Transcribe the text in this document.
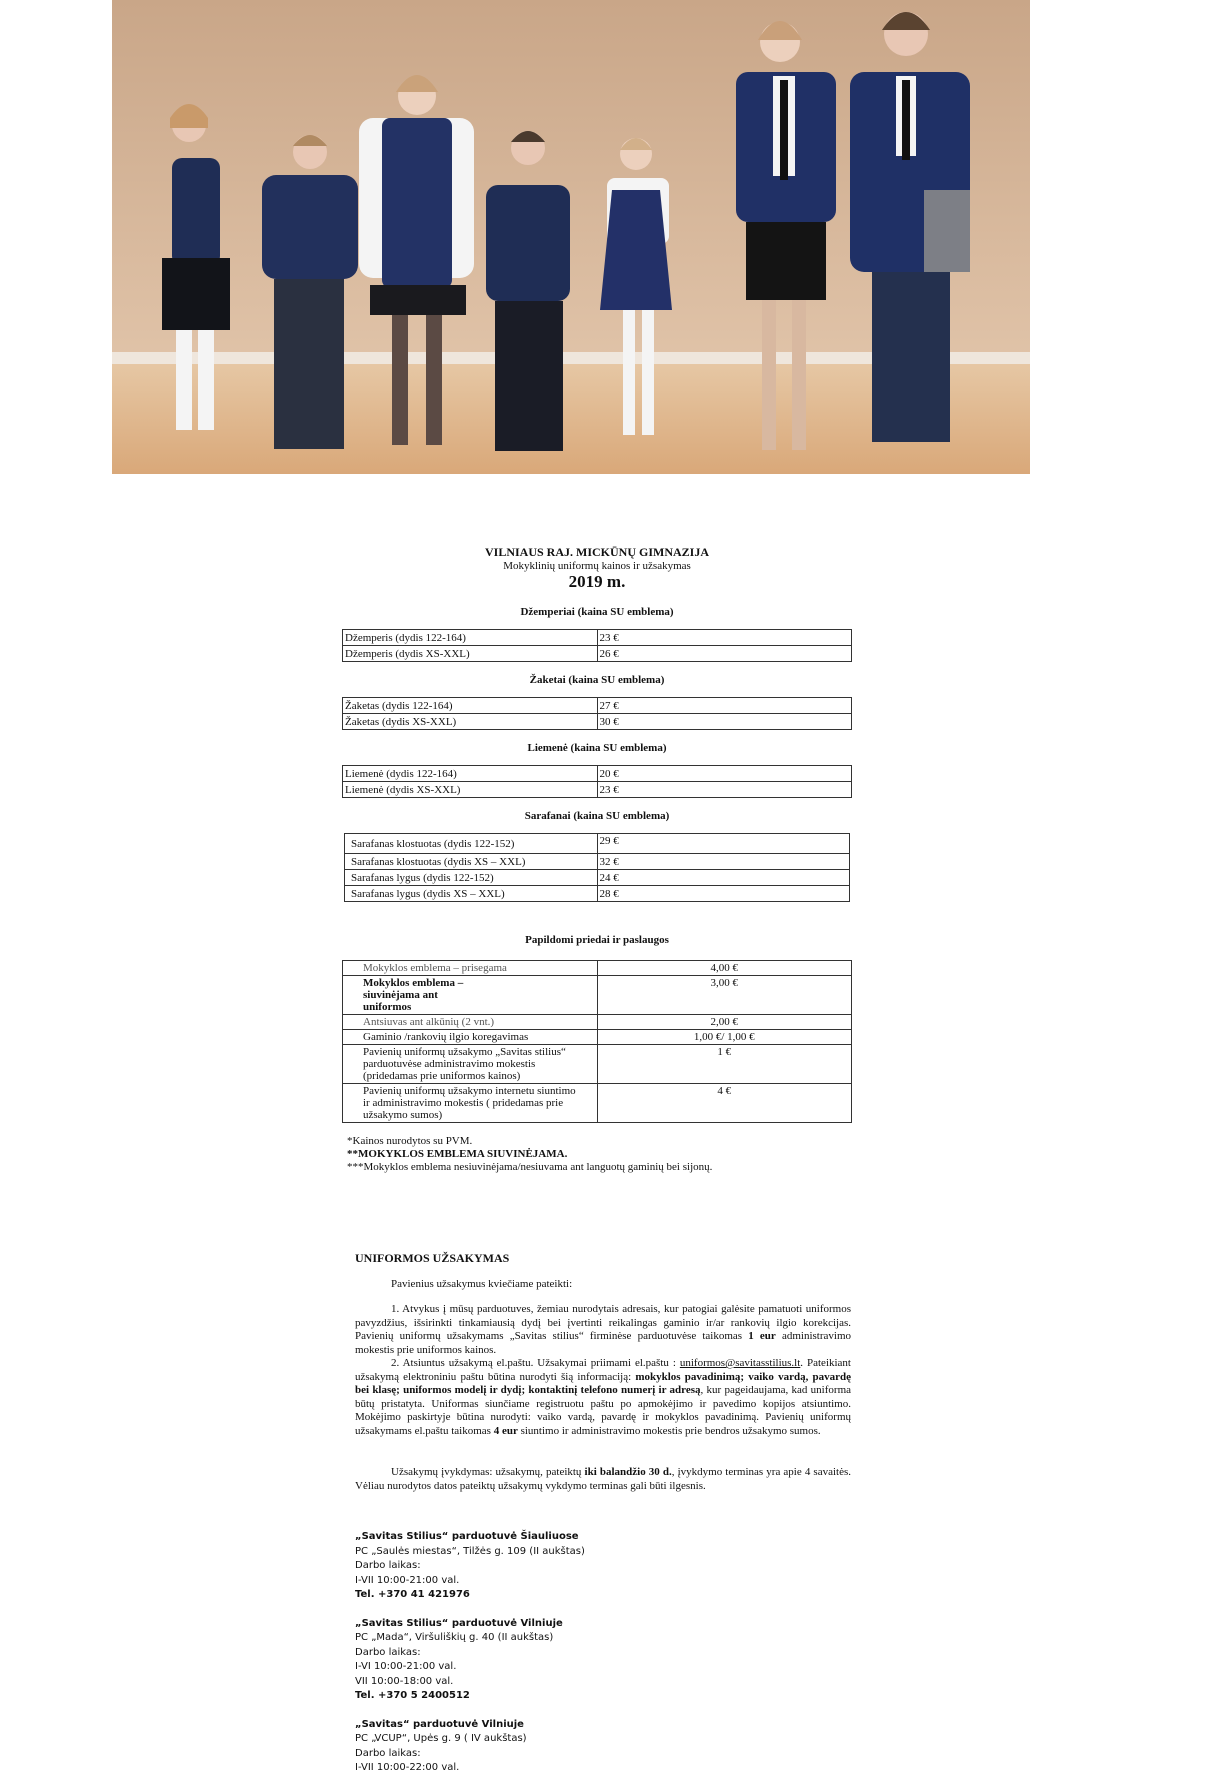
VILNIAUS RAJ. MICKŪNŲ GIMNAZIJA

Mokyklinių uniformų kainos ir užsakymas

2019 m.

Džemperiai (kaina SU emblema)
Džemperis (dydis 122-164)	23 €
Džemperis (dydis XS-XXL)	26 €
Žaketai (kaina SU emblema)
Žaketas (dydis 122-164)	27 €
Žaketas (dydis XS-XXL)	30 €
Liemenė (kaina SU emblema)
Liemenė (dydis 122-164)	20 €
Liemenė (dydis XS-XXL)	23 €
Sarafanai (kaina SU emblema)
Sarafanas klostuotas (dydis 122-152)	29 €
Sarafanas klostuotas (dydis XS – XXL)	32 €
Sarafanas lygus (dydis 122-152)	24 €
Sarafanas lygus (dydis XS – XXL)	28 €
Papildomi priedai ir paslaugos
Mokyklos emblema – prisegama	4,00 €
Mokyklos emblema – siuvinėjama ant uniformos	3,00 €
Antsiuvas ant alkūnių (2 vnt.)	2,00 €
Gaminio /rankovių ilgio koregavimas	1,00 €/ 1,00 €
Pavienių uniformų užsakymo „Savitas stilius“ parduotuvėse administravimo mokestis (pridedamas prie uniformos kainos)	1 €
Pavienių uniformų užsakymo internetu siuntimo ir administravimo mokestis ( pridedamas prie užsakymo sumos)	4 €
*Kainos nurodytos su PVM.
**MOKYKLOS EMBLEMA SIUVINĖJAMA.
***Mokyklos emblema nesiuvinėjama/nesiuvama ant languotų gaminių bei sijonų.
UNIFORMOS UŽSAKYMAS

Pavienius užsakymus kviečiame pateikti:

1. Atvykus į mūsų parduotuves, žemiau nurodytais adresais, kur patogiai galėsite pamatuoti uniformos pavyzdžius, išsirinkti tinkamiausią dydį bei įvertinti reikalingas gaminio ir/ar rankovių ilgio korekcijas. Pavienių uniformų užsakymams „Savitas stilius“ firminėse parduotuvėse taikomas 1 eur administravimo mokestis prie uniformos kainos.

2. Atsiuntus užsakymą el.paštu. Užsakymai priimami el.paštu : uniformos@savitasstilius.lt. Pateikiant užsakymą elektroniniu paštu būtina nurodyti šią informaciją: mokyklos pavadinimą; vaiko vardą, pavardę bei klasę; uniformos modelį ir dydį; kontaktinį telefono numerį ir adresą, kur pageidaujama, kad uniforma būtų pristatyta. Uniformas siunčiame registruotu paštu po apmokėjimo ir pavedimo kopijos atsiuntimo. Mokėjimo paskirtyje būtina nurodyti: vaiko vardą, pavardę ir mokyklos pavadinimą. Pavienių uniformų užsakymams el.paštu taikomas 4 eur siuntimo ir administravimo mokestis prie bendros užsakymo sumos.

Užsakymų įvykdymas: užsakymų, pateiktų iki balandžio 30 d., įvykdymo terminas yra apie 4 savaitės. Vėliau nurodytos datos pateiktų užsakymų vykdymo terminas gali būti ilgesnis.

„Savitas Stilius“ parduotuvė Šiauliuose
PC „Saulės miestas“, Tilžės g. 109 (II aukštas)
Darbo laikas:
I-VII 10:00-21:00 val.
Tel. +370 41 421976
„Savitas Stilius“ parduotuvė Vilniuje
PC „Mada“, Viršuliškių g. 40 (II aukštas)
Darbo laikas:
I-VI 10:00-21:00 val.
VII 10:00-18:00 val.
Tel. +370 5 2400512
„Savitas“ parduotuvė Vilniuje
PC „VCUP“, Upės g. 9 ( IV aukštas)
Darbo laikas:
I-VII 10:00-22:00 val.
